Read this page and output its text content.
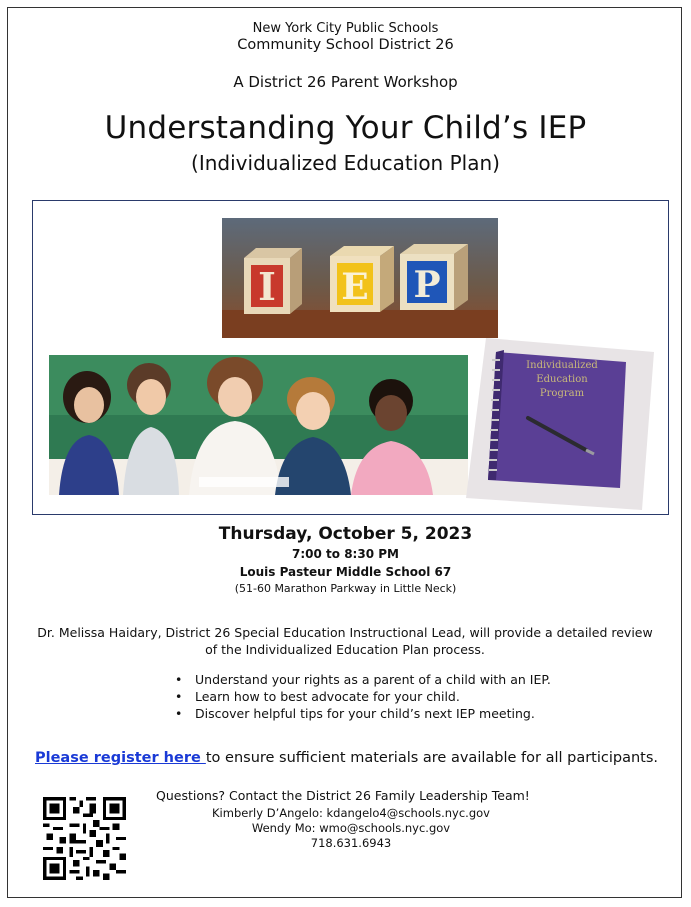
New York City Public Schools
Community School District 26
A District 26 Parent Workshop
Understanding Your Child’s IEP
(Individualized Education Plan)
I E P
Individualized
Education
Program
Thursday, October 5, 2023
7:00 to 8:30 PM
Louis Pasteur Middle School 67
(51-60 Marathon Parkway in Little Neck)
Dr. Melissa Haidary, District 26 Special Education Instructional Lead, will provide a detailed review of the Individualized Education Plan process.
• Understand your rights as a parent of a child with an IEP.
• Learn how to best advocate for your child.
• Discover helpful tips for your child’s next IEP meeting.
Please register here to ensure sufficient materials are available for all participants.
Questions? Contact the District 26 Family Leadership Team!
Kimberly D’Angelo: kdangelo4@schools.nyc.gov
Wendy Mo: wmo@schools.nyc.gov
718.631.6943
